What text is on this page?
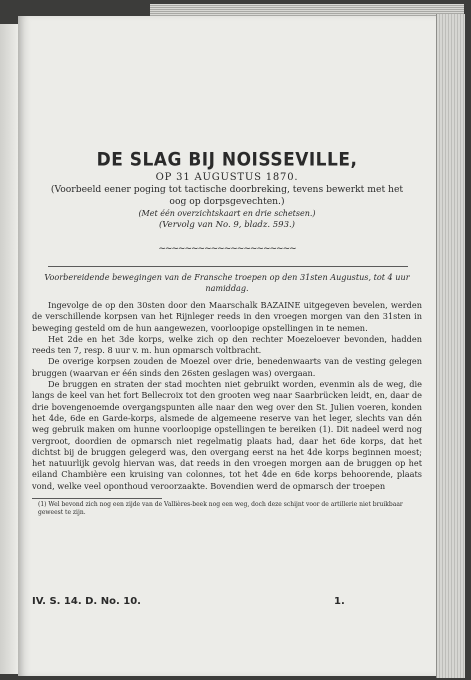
DE SLAG BIJ NOISSEVILLE,

OP 31 AUGUSTUS 1870.

(Voorbeeld eener poging tot tactische doorbreking, tevens bewerkt met het oog op dorpsgevechten.)

(Met één overzichtskaart en drie schetsen.)

(Vervolg van No. 9, bladz. 593.)

~~~~~~~~~~~~~~~~~~~~~

Voorbereidende bewegingen van de Fransche troepen op den 31sten Augustus, tot 4 uur namiddag.

Ingevolge de op den 30sten door den Maarschalk BAZAINE uitgegeven bevelen, werden de verschillende korpsen van het Rijnleger reeds in den vroegen morgen van den 31sten in beweging gesteld om de hun aangewezen, voorloopige opstellingen in te nemen.

Het 2de en het 3de korps, welke zich op den rechter Moezeloever bevonden, hadden reeds ten 7, resp. 8 uur v. m. hun opmarsch voltbracht.

De overige korpsen zouden de Moezel over drie, benedenwaarts van de vesting gelegen bruggen (waarvan er één sinds den 26sten geslagen was) overgaan.

De bruggen en straten der stad mochten niet gebruikt worden, evenmin als de weg, die langs de keel van het fort Bellecroix tot den grooten weg naar Saarbrücken leidt, en, daar de drie bovengenoemde overgangspunten alle naar den weg over den St. Julien voeren, konden het 4de, 6de en Garde-korps, alsmede de algemeene reserve van het leger, slechts van dén weg gebruik maken om hunne voorloopige opstellingen te bereiken (1). Dit nadeel werd nog vergroot, doordien de opmarsch niet regelmatig plaats had, daar het 6de korps, dat het dichtst bij de bruggen gelegerd was, den overgang eerst na het 4de korps beginnen moest; het natuurlijk gevolg hiervan was, dat reeds in den vroegen morgen aan de bruggen op het eiland Chambière een kruising van colonnes, tot het 4de en 6de korps behoorende, plaats vond, welke veel oponthoud veroorzaakte. Bovendien werd de opmarsch der troepen

(1) Wel bevond zich nog een zijde van de Vallières-beek nog een weg, doch deze schijnt voor de artillerie niet bruikbaar geweest te zijn.

IV. S. 14. D. No. 10.	1.
